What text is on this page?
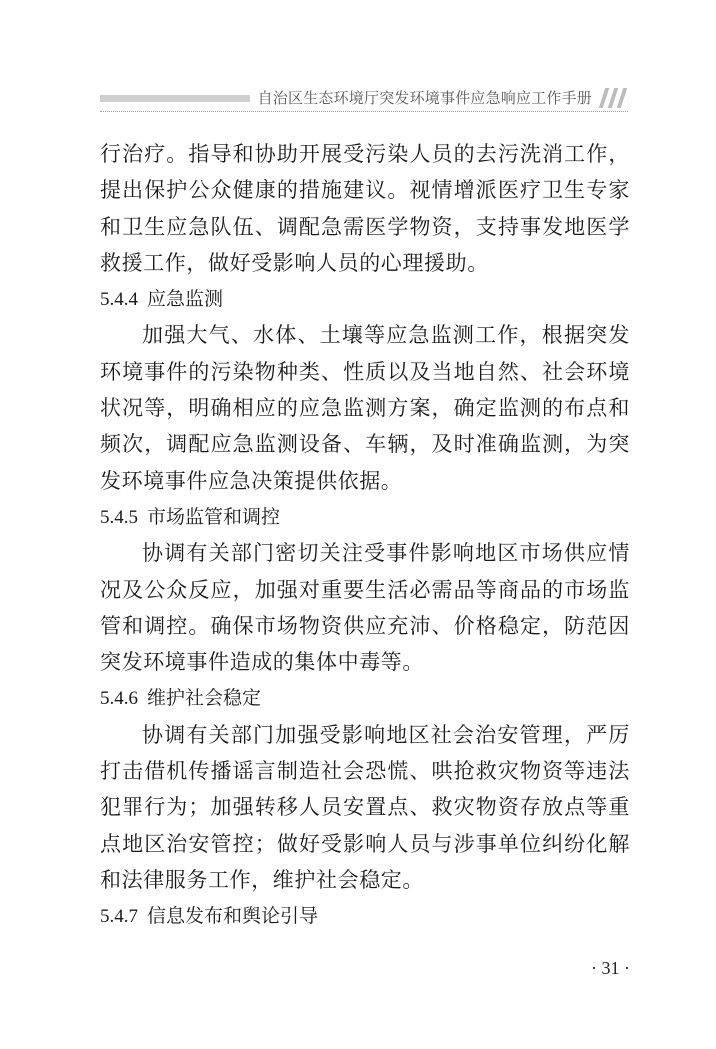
自治区生态环境厅突发环境事件应急响应工作手册

行治疗。指导和协助开展受污染人员的去污洗消工作，提出保护公众健康的措施建议。视情增派医疗卫生专家和卫生应急队伍、调配急需医学物资，支持事发地医学救援工作，做好受影响人员的心理援助。

5.4.4 应急监测

加强大气、水体、土壤等应急监测工作，根据突发环境事件的污染物种类、性质以及当地自然、社会环境状况等，明确相应的应急监测方案，确定监测的布点和频次，调配应急监测设备、车辆，及时准确监测，为突发环境事件应急决策提供依据。

5.4.5 市场监管和调控

协调有关部门密切关注受事件影响地区市场供应情况及公众反应，加强对重要生活必需品等商品的市场监管和调控。确保市场物资供应充沛、价格稳定，防范因突发环境事件造成的集体中毒等。

5.4.6 维护社会稳定

协调有关部门加强受影响地区社会治安管理，严厉打击借机传播谣言制造社会恐慌、哄抢救灾物资等违法犯罪行为；加强转移人员安置点、救灾物资存放点等重点地区治安管控；做好受影响人员与涉事单位纠纷化解和法律服务工作，维护社会稳定。

5.4.7 信息发布和舆论引导

· 31 ·
